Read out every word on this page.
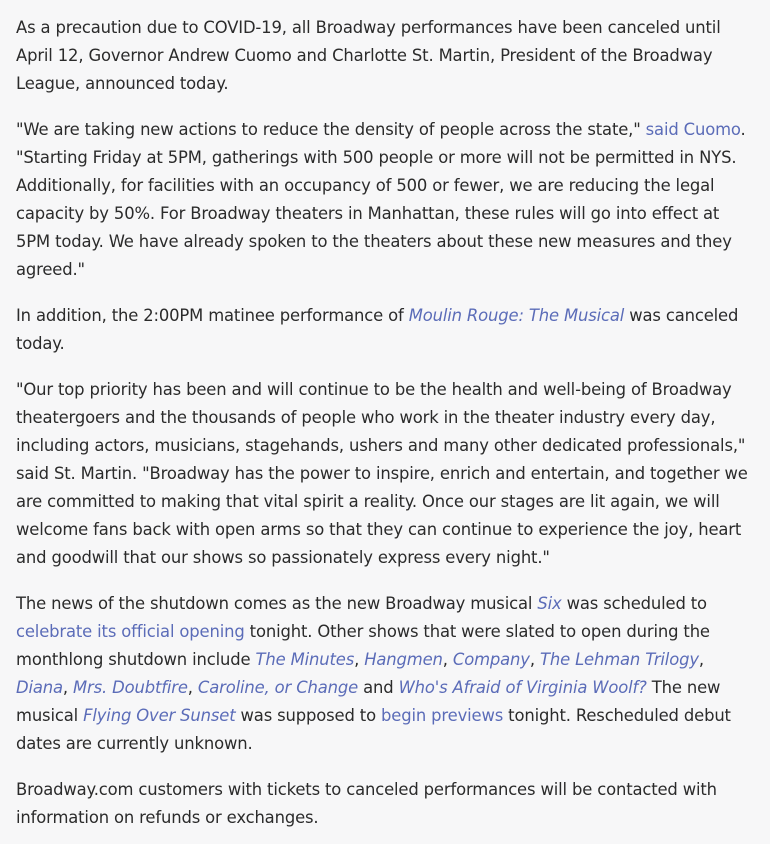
As a precaution due to COVID-19, all Broadway performances have been canceled until April 12, Governor Andrew Cuomo and Charlotte St. Martin, President of the Broadway League, announced today.

"We are taking new actions to reduce the density of people across the state," said Cuomo. "Starting Friday at 5PM, gatherings with 500 people or more will not be permitted in NYS. Additionally, for facilities with an occupancy of 500 or fewer, we are reducing the legal capacity by 50%. For Broadway theaters in Manhattan, these rules will go into effect at 5PM today. We have already spoken to the theaters about these new measures and they agreed."

In addition, the 2:00PM matinee performance of Moulin Rouge: The Musical was canceled today.

"Our top priority has been and will continue to be the health and well-being of Broadway theatergoers and the thousands of people who work in the theater industry every day, including actors, musicians, stagehands, ushers and many other dedicated professionals," said St. Martin. "Broadway has the power to inspire, enrich and entertain, and together we are committed to making that vital spirit a reality. Once our stages are lit again, we will welcome fans back with open arms so that they can continue to experience the joy, heart and goodwill that our shows so passionately express every night."

The news of the shutdown comes as the new Broadway musical Six was scheduled to celebrate its official opening tonight. Other shows that were slated to open during the monthlong shutdown include The Minutes, Hangmen, Company, The Lehman Trilogy, Diana, Mrs. Doubtfire, Caroline, or Change and Who's Afraid of Virginia Woolf? The new musical Flying Over Sunset was supposed to begin previews tonight. Rescheduled debut dates are currently unknown.

Broadway.com customers with tickets to canceled performances will be contacted with information on refunds or exchanges.
